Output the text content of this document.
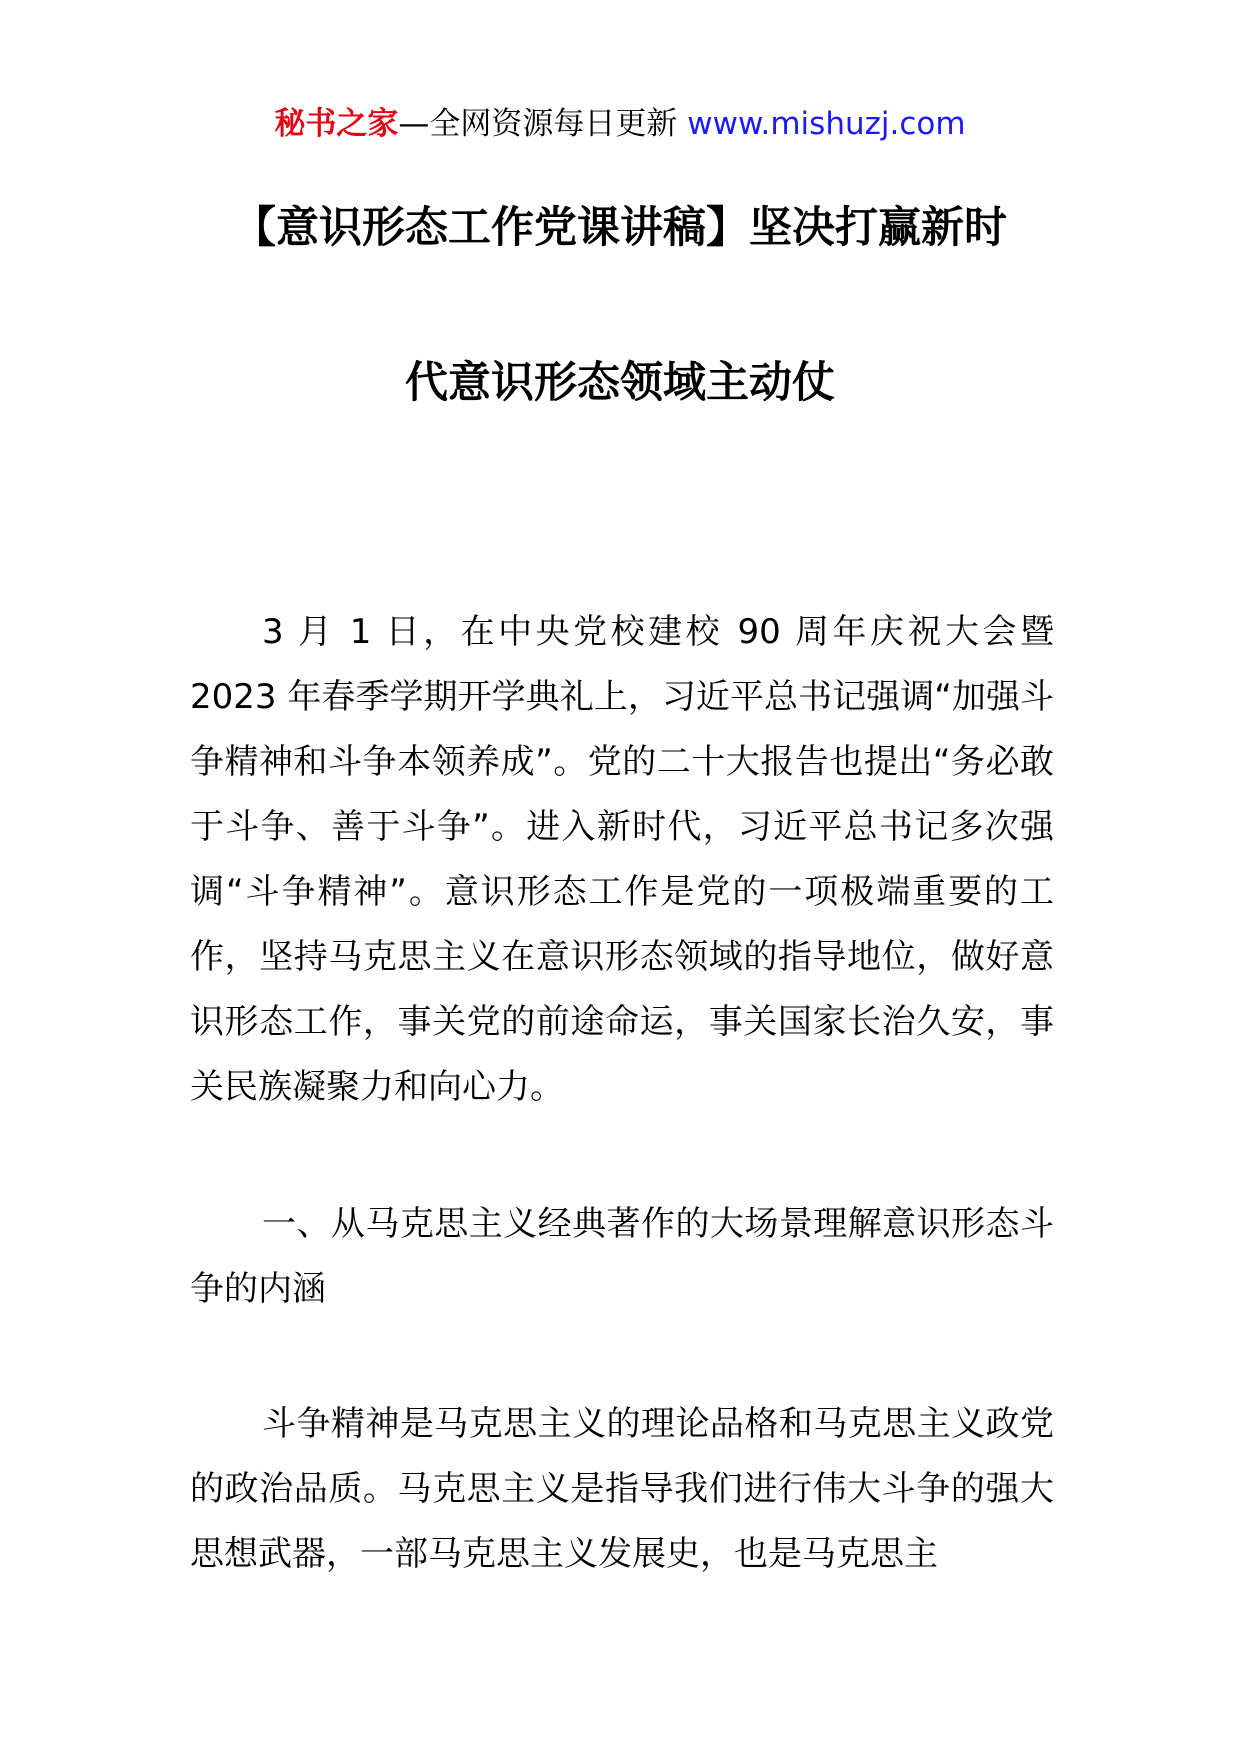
秘书之家—全网资源每日更新 www.mishuzj.com
【意识形态工作党课讲稿】坚决打赢新时
代意识形态领域主动仗

3 月 1 日，在中央党校建校 90 周年庆祝大会暨 2023 年春季学期开学典礼上，习近平总书记强调“加强斗争精神和斗争本领养成”。党的二十大报告也提出“务必敢于斗争、善于斗争”。进入新时代，习近平总书记多次强调“斗争精神”。意识形态工作是党的一项极端重要的工作，坚持马克思主义在意识形态领域的指导地位，做好意识形态工作，事关党的前途命运，事关国家长治久安，事关民族凝聚力和向心力。

一、从马克思主义经典著作的大场景理解意识形态斗争的内涵

斗争精神是马克思主义的理论品格和马克思主义政党的政治品质。马克思主义是指导我们进行伟大斗争的强大思想武器，一部马克思主义发展史，也是马克思主
